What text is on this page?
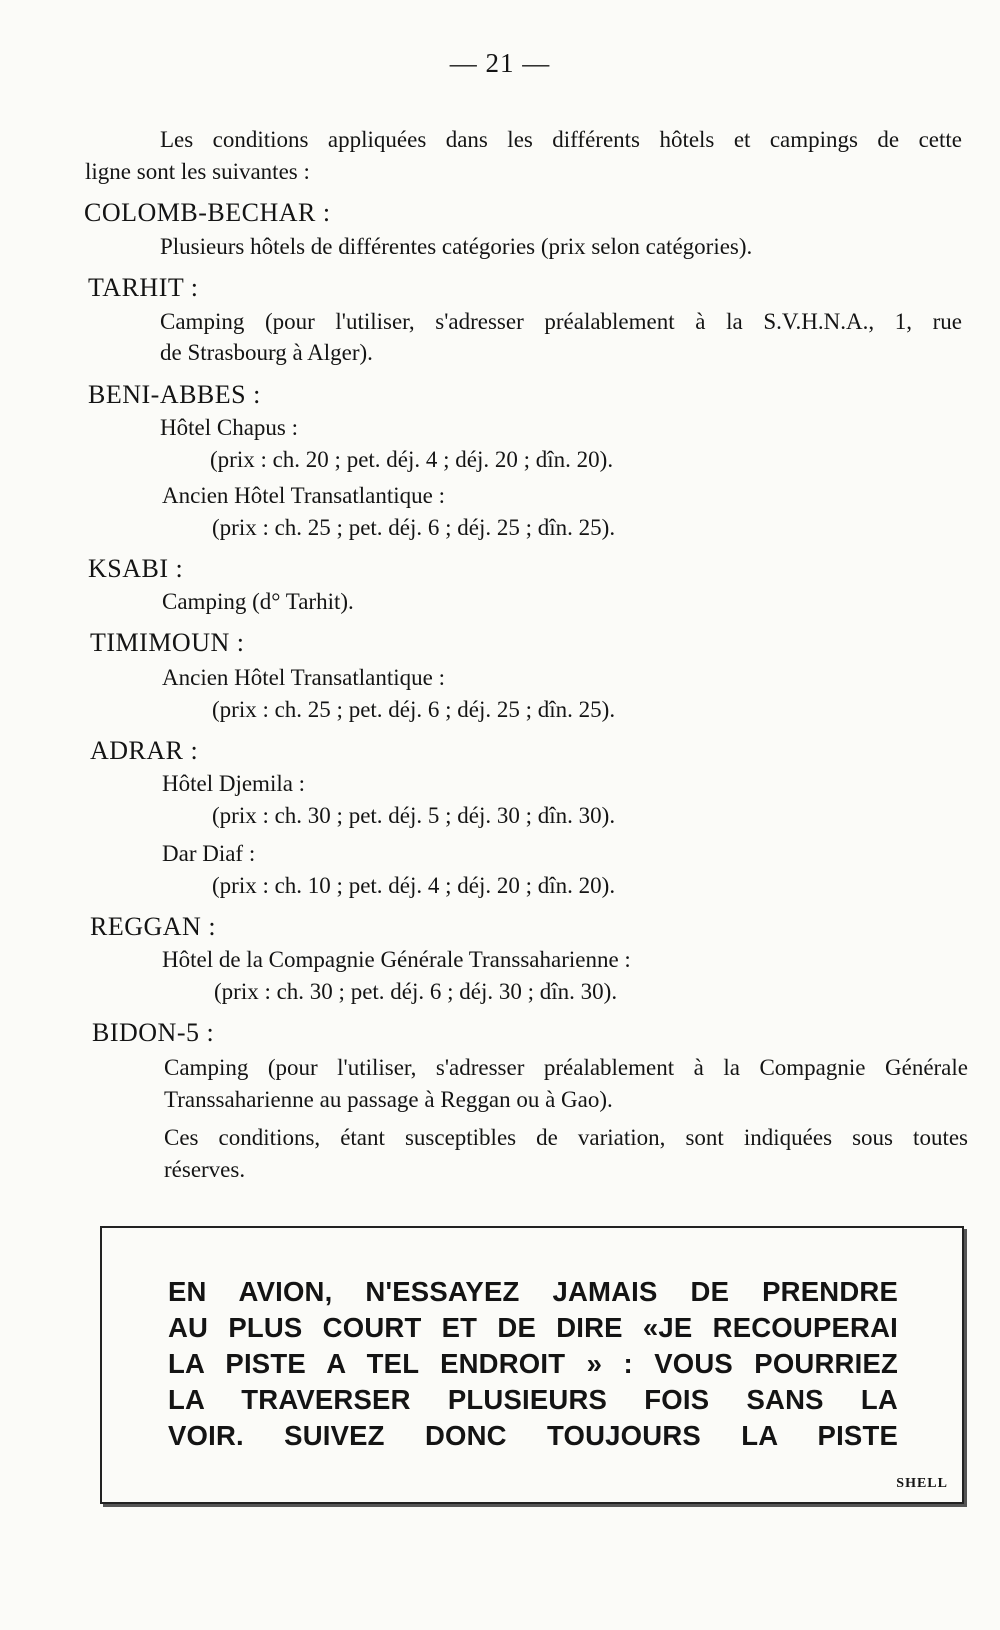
— 21 —
Les conditions appliquées dans les différents hôtels et campings de cette
ligne sont les suivantes :
COLOMB-BECHAR :
Plusieurs hôtels de différentes catégories (prix selon catégories).
TARHIT :
Camping (pour l'utiliser, s'adresser préalablement à la S.V.H.N.A., 1, rue
de Strasbourg à Alger).
BENI-ABBES :
Hôtel Chapus :
(prix : ch. 20 ; pet. déj. 4 ; déj. 20 ; dîn. 20).
Ancien Hôtel Transatlantique :
(prix : ch. 25 ; pet. déj. 6 ; déj. 25 ; dîn. 25).
KSABI :
Camping (d° Tarhit).
TIMIMOUN :
Ancien Hôtel Transatlantique :
(prix : ch. 25 ; pet. déj. 6 ; déj. 25 ; dîn. 25).
ADRAR :
Hôtel Djemila :
(prix : ch. 30 ; pet. déj. 5 ; déj. 30 ; dîn. 30).
Dar Diaf :
(prix : ch. 10 ; pet. déj. 4 ; déj. 20 ; dîn. 20).
REGGAN :
Hôtel de la Compagnie Générale Transsaharienne :
(prix : ch. 30 ; pet. déj. 6 ; déj. 30 ; dîn. 30).
BIDON-5 :
Camping (pour l'utiliser, s'adresser préalablement à la Compagnie Générale
Transsaharienne au passage à Reggan ou à Gao).
Ces conditions, étant susceptibles de variation, sont indiquées sous toutes
réserves.
EN AVION, N'ESSAYEZ JAMAIS DE PRENDRE
AU PLUS COURT ET DE DIRE «JE RECOUPERAI
LA PISTE A TEL ENDROIT » : VOUS POURRIEZ
LA TRAVERSER PLUSIEURS FOIS SANS LA
VOIR. SUIVEZ DONC TOUJOURS LA PISTE
SHELL
